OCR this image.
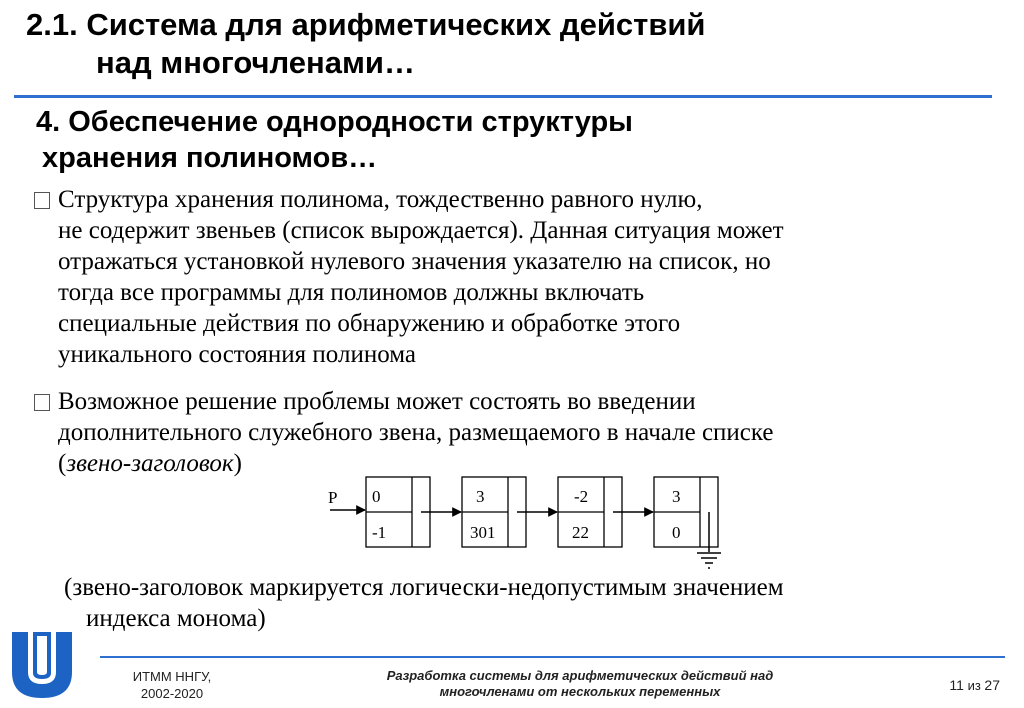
2.1. Система для арифметических действий
над многочленами…
4. Обеспечение однородности структуры
хранения полиномов…
Структура хранения полинома, тождественно равного нулю,
не содержит звеньев (список вырождается). Данная ситуация может
отражаться установкой нулевого значения указателю на список, но
тогда все программы для полиномов должны включать
специальные действия по обнаружению и обработке этого
уникального состояния полинома
Возможное решение проблемы может состоять во введении
дополнительного служебного звена, размещаемого в начале списке
(звено-заголовок)
P 0
-1
3
301
-2
22
3
0
(звено-заголовок маркируется логически-недопустимым значением
индекса монома)
ИТММ ННГУ,
2002-2020
Разработка системы для арифметических действий над
многочленами от нескольких переменных	11 из 27
